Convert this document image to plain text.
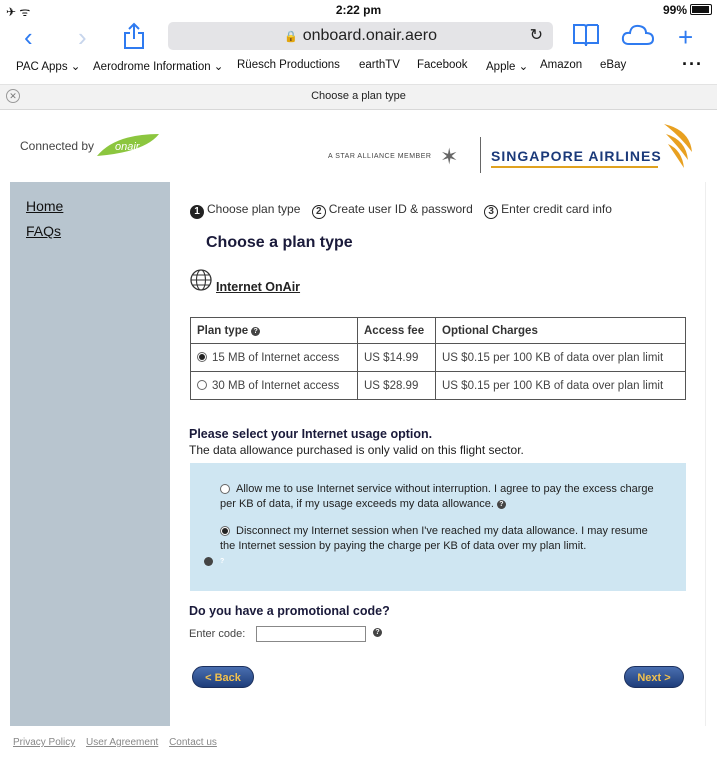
✈ ᯤ	2:22 pm	99%
‹ ›	🔒 onboard.onair.aero	↻	+
PAC Apps ⌄ Aerodrome Information ⌄ Rüesch Productions earthTV Facebook Apple ⌄ Amazon eBay	···
✕	Choose a plan type
Connected by onair
A STAR ALLIANCE MEMBER ✶ SINGAPORE AIRLINES
Home
FAQs
1 Choose plan type 2 Create user ID & password 3 Enter credit card info
Choose a plan type
Internet OnAir
Plan type ?	Access fee	Optional Charges
15 MB of Internet access	US $14.99	US $0.15 per 100 KB of data over plan limit
30 MB of Internet access	US $28.99	US $0.15 per 100 KB of data over plan limit
Please select your Internet usage option.
The data allowance purchased is only valid on this flight sector.
Allow me to use Internet service without interruption. I agree to pay the excess charge per KB of data, if my usage exceeds my data allowance. ?
Disconnect my Internet session when I've reached my data allowance. I may resume the Internet session by paying the charge per KB of data over my plan limit.
?
Do you have a promotional code?
Enter code:	?
< Back	Next >
Privacy Policy User Agreement Contact us
